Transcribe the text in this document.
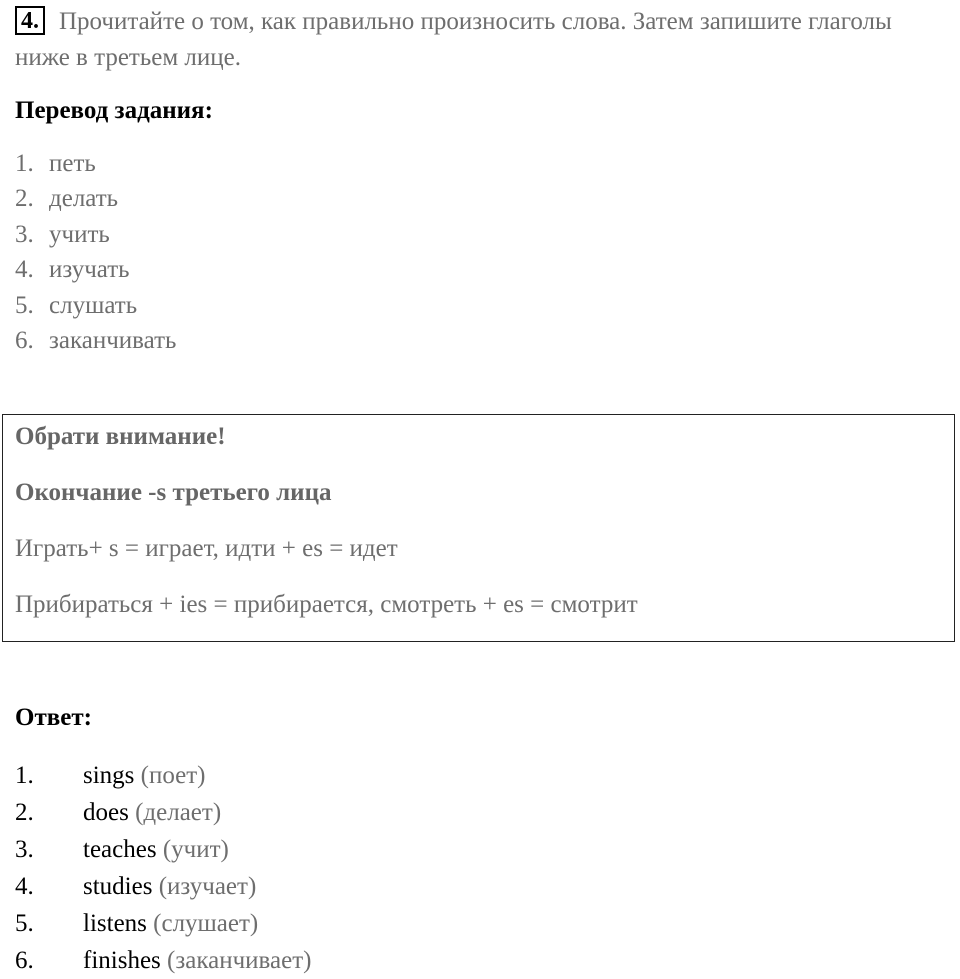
4. Прочитайте о том, как правильно произносить слова. Затем запишите глаголы ниже в третьем лице.
Перевод задания:
1. петь
2. делать
3. учить
4. изучать
5. слушать
6. заканчивать

Обрати внимание!

Окончание -s третьего лица

Играть+ s = играет, идти + es = идет

Прибираться + ies = прибирается, смотреть + es = смотрит

Ответ:
1. sings (поет)
2. does (делает)
3. teaches (учит)
4. studies (изучает)
5. listens (слушает)
6. finishes (заканчивает)
